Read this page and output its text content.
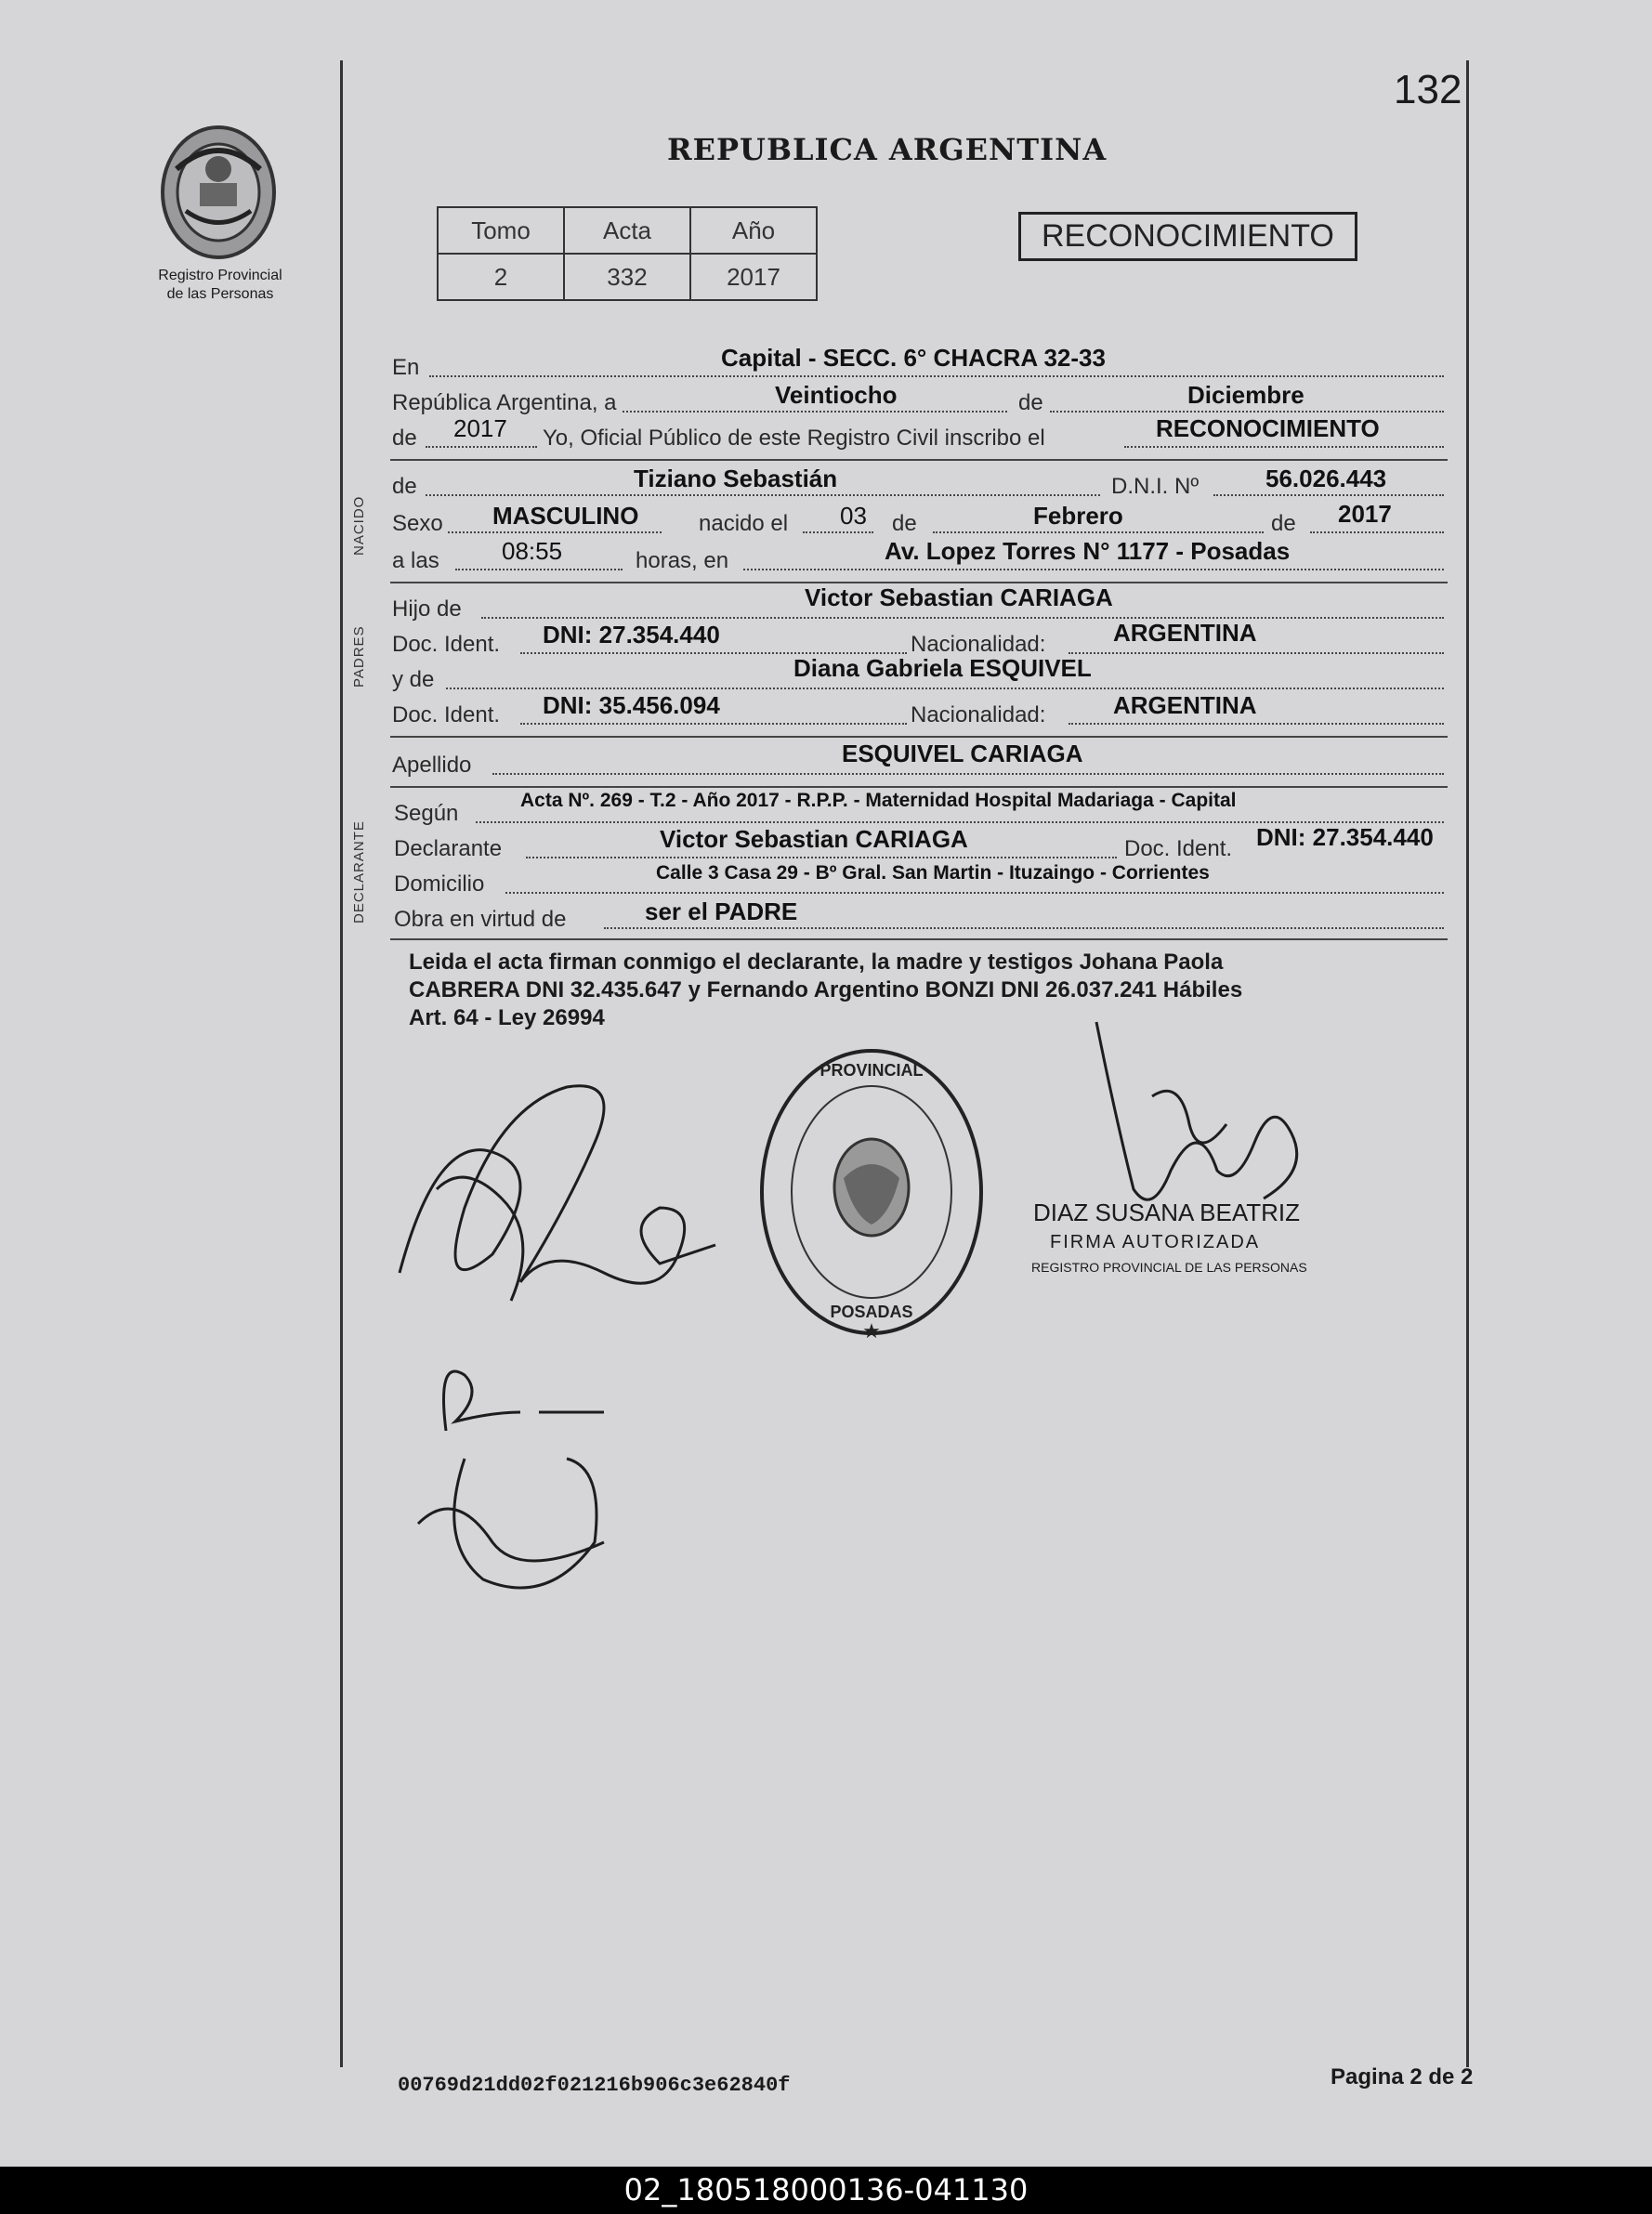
132
Registro Provincial
de las Personas
REPUBLICA ARGENTINA
Tomo	Acta	Año
2	332	2017
RECONOCIMIENTO
NACIDO
PADRES
DECLARANTE
En	Capital - SECC. 6° CHACRA 32-33
República Argentina, a	Veintiocho	de	Diciembre
de 2017 Yo, Oficial Público de este Registro Civil inscribo el	RECONOCIMIENTO
de	Tiziano Sebastián	D.N.I. Nº	56.026.443
Sexo MASCULINO	nacido el 03 de	Febrero	de 2017
a las	08:55	horas, en	Av. Lopez Torres N° 1177 - Posadas
Hijo de	Victor Sebastian CARIAGA
Doc. Ident. DNI: 27.354.440	Nacionalidad:	ARGENTINA
y de	Diana Gabriela ESQUIVEL
Doc. Ident. DNI: 35.456.094	Nacionalidad:	ARGENTINA
Apellido	ESQUIVEL CARIAGA
Según
Acta Nº. 269 - T.2 - Año 2017 - R.P.P. - Maternidad Hospital Madariaga - Capital
Declarante	Victor Sebastian CARIAGA	Doc. Ident. DNI: 27.354.440
Domicilio	Calle 3 Casa 29 - Bº Gral. San Martin - Ituzaingo - Corrientes
Obra en virtud de	ser el PADRE
Leida el acta firman conmigo el declarante, la madre y testigos Johana Paola
CABRERA DNI 32.435.647 y Fernando Argentino BONZI DNI 26.037.241 Hábiles
Art. 64 - Ley 26994
PROVINCIAL
POSADAS
★
DIAZ SUSANA BEATRIZ
FIRMA AUTORIZADA
REGISTRO PROVINCIAL DE LAS PERSONAS
00769d21dd02f021216b906c3e62840f	Pagina 2 de 2
02_180518000136-041130
